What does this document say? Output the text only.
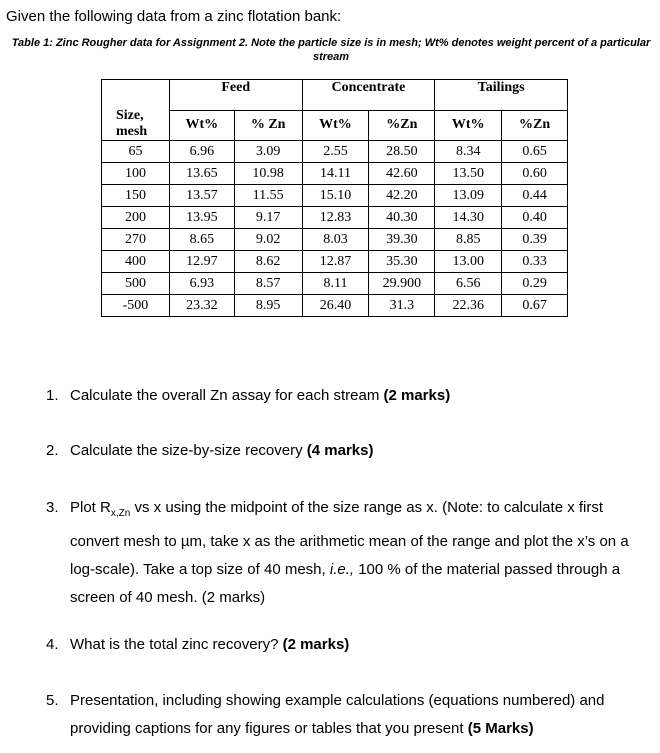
Given the following data from a zinc flotation bank:
Table 1: Zinc Rougher data for Assignment 2. Note the particle size is in mesh; Wt% denotes weight percent of a particular stream
Size,
mesh	Feed		Concentrate		Tailings	
	Wt%	% Zn	Wt%	%Zn	Wt%	%Zn
65	6.96	3.09	2.55	28.50	8.34	0.65
100	13.65	10.98	14.11	42.60	13.50	0.60
150	13.57	11.55	15.10	42.20	13.09	0.44
200	13.95	9.17	12.83	40.30	14.30	0.40
270	8.65	9.02	8.03	39.30	8.85	0.39
400	12.97	8.62	12.87	35.30	13.00	0.33
500	6.93	8.57	8.11	29.900	6.56	0.29
-500	23.32	8.95	26.40	31.3	22.36	0.67
1. Calculate the overall Zn assay for each stream (2 marks)
2. Calculate the size-by-size recovery (4 marks)
3. Plot $R_{x,Zn}$ vs x using the midpoint of the size range as x. (Note: to calculate x first convert mesh to µm, take x as the arithmetic mean of the range and plot the x’s on a log-scale). Take a top size of 40 mesh, i.e., 100 % of the material passed through a screen of 40 mesh. (2 marks)
4. What is the total zinc recovery? (2 marks)
5. Presentation, including showing example calculations (equations numbered) and providing captions for any figures or tables that you present (5 Marks)
